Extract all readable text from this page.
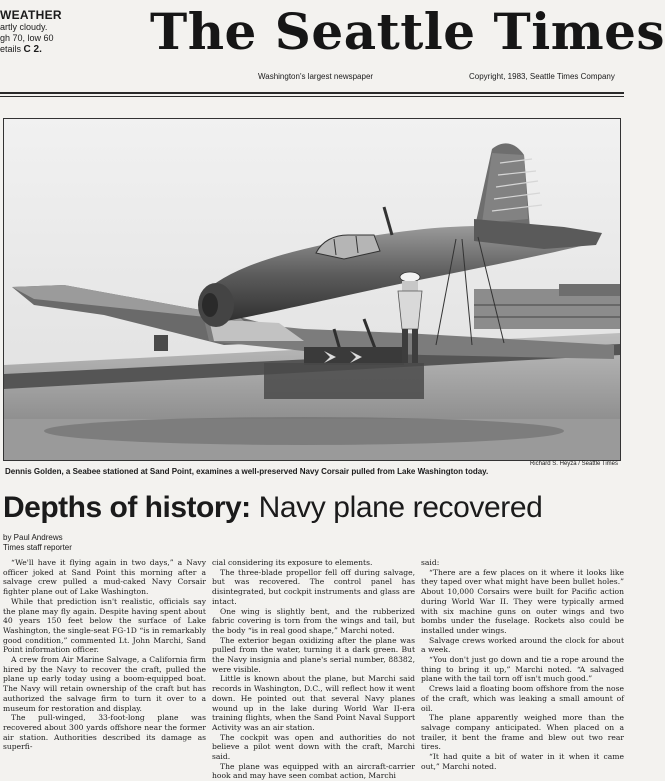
WEATHER
artly cloudy.
gh 70, low 60
etails C 2.	The Seattle Times
Washington's largest newspaper	Copyright, 1983, Seattle Times Company
Richard S. Heyza / Seattle Times
Dennis Golden, a Seabee stationed at Sand Point, examines a well-preserved Navy Corsair pulled from Lake Washington today.
Depths of history: Navy plane recovered
by Paul Andrews
Times staff reporter

“We'll have it flying again in two days,” a Navy officer joked at Sand Point this morning after a salvage crew pulled a mud-caked Navy Corsair fighter plane out of Lake Washington.

While that prediction isn't realistic, officials say the plane may fly again. Despite having spent about 40 years 150 feet below the surface of Lake Washington, the single-seat FG-1D “is in remarkably good condition,” commented Lt. John Marchi, Sand Point information officer.

A crew from Air Marine Salvage, a California firm hired by the Navy to recover the craft, pulled the plane up early today using a boom-equipped boat. The Navy will retain ownership of the craft but has authorized the salvage firm to turn it over to a museum for restoration and display.

The pull-winged, 33-foot-long plane was recovered about 300 yards offshore near the former air station. Authorities described its damage as superfi-

cial considering its exposure to elements.

The three-blade propellor fell off during salvage, but was recovered. The control panel has disintegrated, but cockpit instruments and glass are intact.

One wing is slightly bent, and the rubberized fabric covering is torn from the wings and tail, but the body “is in real good shape,” Marchi noted.

The exterior began oxidizing after the plane was pulled from the water, turning it a dark green. But the Navy insignia and plane's serial number, 88382, were visible.

Little is known about the plane, but Marchi said records in Washington, D.C., will reflect how it went down. He pointed out that several Navy planes wound up in the lake during World War II-era training flights, when the Sand Point Naval Support Activity was an air station.

The cockpit was open and authorities do not believe a pilot went down with the craft, Marchi said.

The plane was equipped with an aircraft-carrier hook and may have seen combat action, Marchi

said:

“There are a few places on it where it looks like they taped over what might have been bullet holes.” About 10,000 Corsairs were built for Pacific action during World War II. They were typically armed with six machine guns on outer wings and two bombs under the fuselage. Rockets also could be installed under wings.

Salvage crews worked around the clock for about a week.

“You don't just go down and tie a rope around the thing to bring it up,” Marchi noted. “A salvaged plane with the tail torn off isn't much good.”

Crews laid a floating boom offshore from the nose of the craft, which was leaking a small amount of oil.

The plane apparently weighed more than the salvage company anticipated. When placed on a trailer, it bent the frame and blew out two rear tires.

“It had quite a bit of water in it when it came out,” Marchi noted.
